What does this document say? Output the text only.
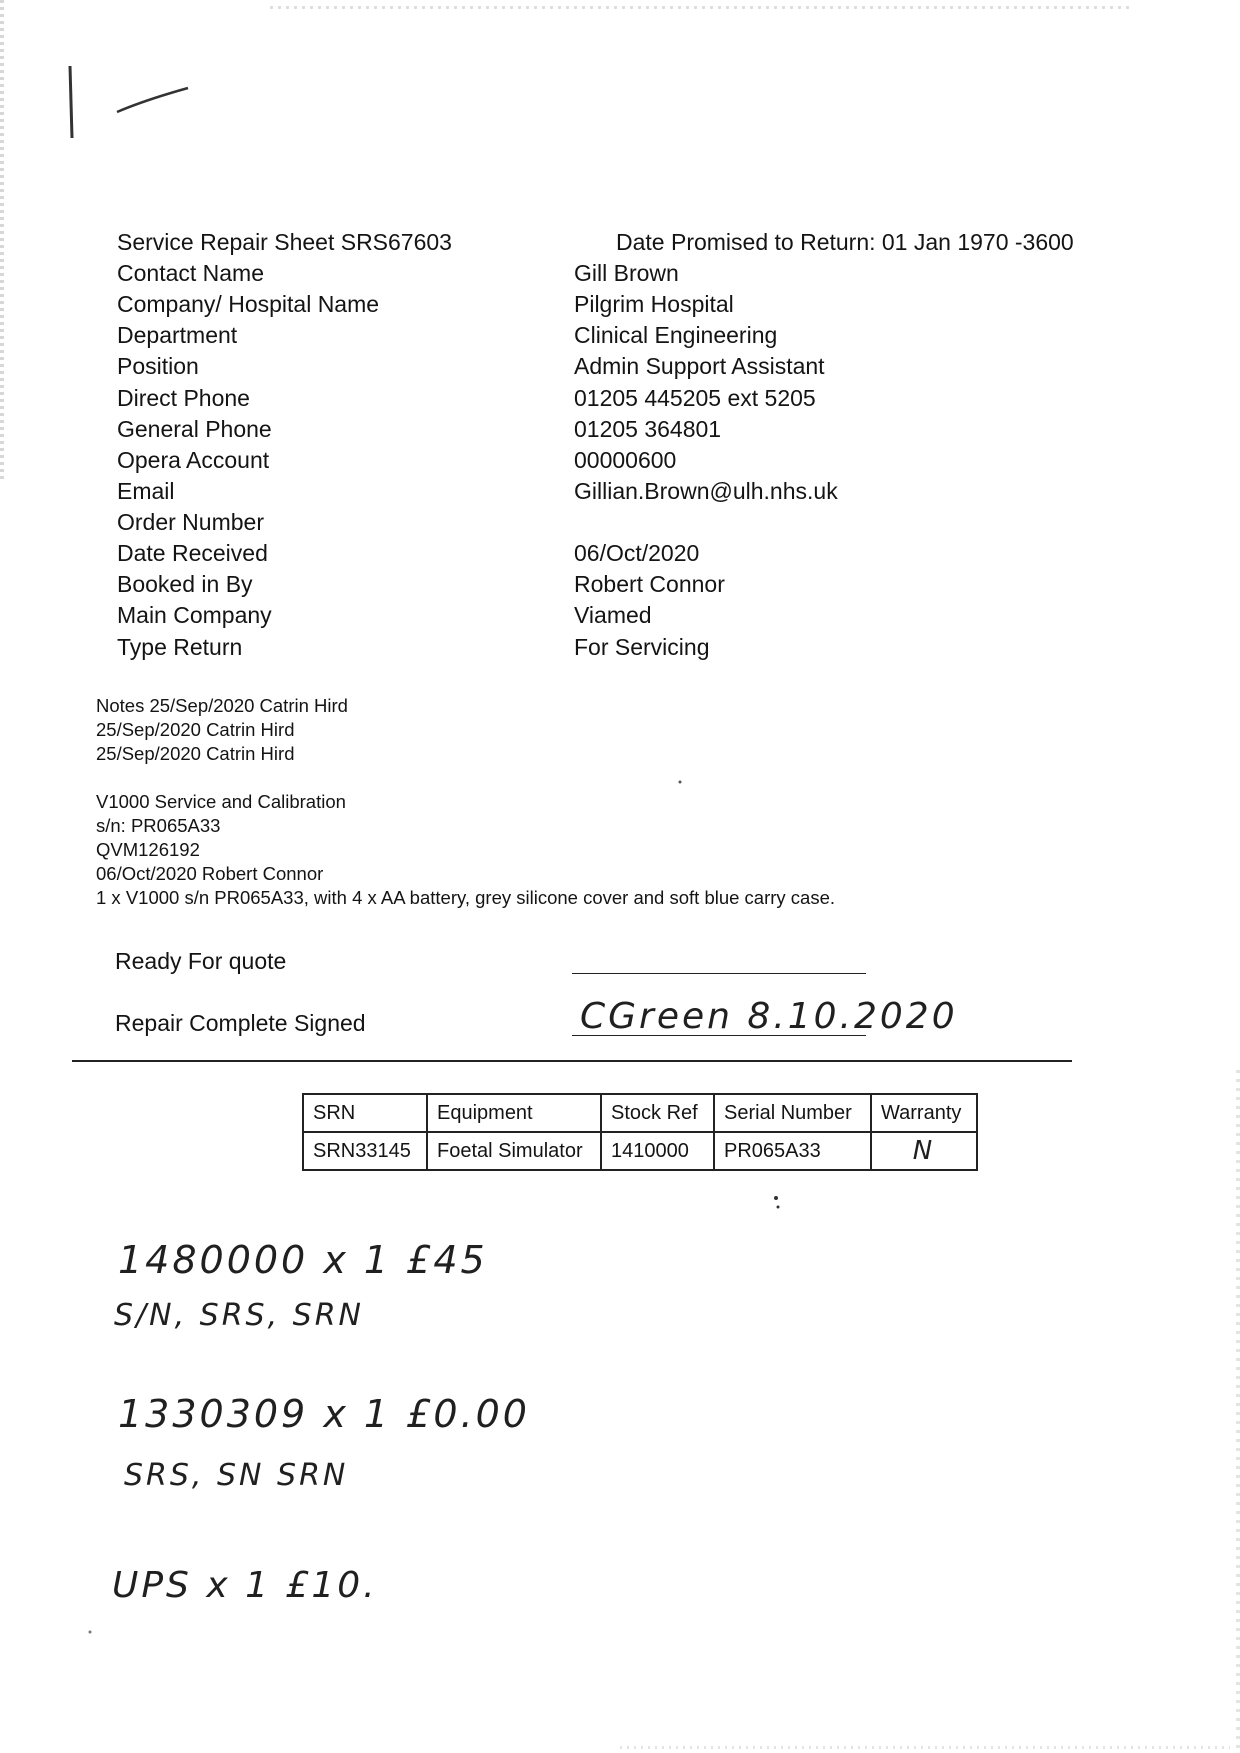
Service Repair Sheet SRS67603	Date Promised to Return: 01 Jan 1970 -3600
Contact Name	Gill Brown
Company/ Hospital Name	Pilgrim Hospital
Department	Clinical Engineering
Position	Admin Support Assistant
Direct Phone	01205 445205 ext 5205
General Phone	01205 364801
Opera Account	00000600
Email	Gillian.Brown@ulh.nhs.uk
Order Number
Date Received	06/Oct/2020
Booked in By	Robert Connor
Main Company	Viamed
Type Return	For Servicing
Notes 25/Sep/2020 Catrin Hird
25/Sep/2020 Catrin Hird
25/Sep/2020 Catrin Hird
V1000 Service and Calibration
s/n: PR065A33
QVM126192
06/Oct/2020 Robert Connor
1 x V1000 s/n PR065A33, with 4 x AA battery, grey silicone cover and soft blue carry case.
Ready For quote
Repair Complete Signed	CGreen 8.10.2020
SRN	Equipment	Stock Ref	Serial Number	Warranty
SRN33145	Foetal Simulator	1410000	PR065A33	N
1480000 x 1 £45
S/N, SRS, SRN
1330309 x 1 £0.00
SRS, SN SRN
UPS x 1 £10.
